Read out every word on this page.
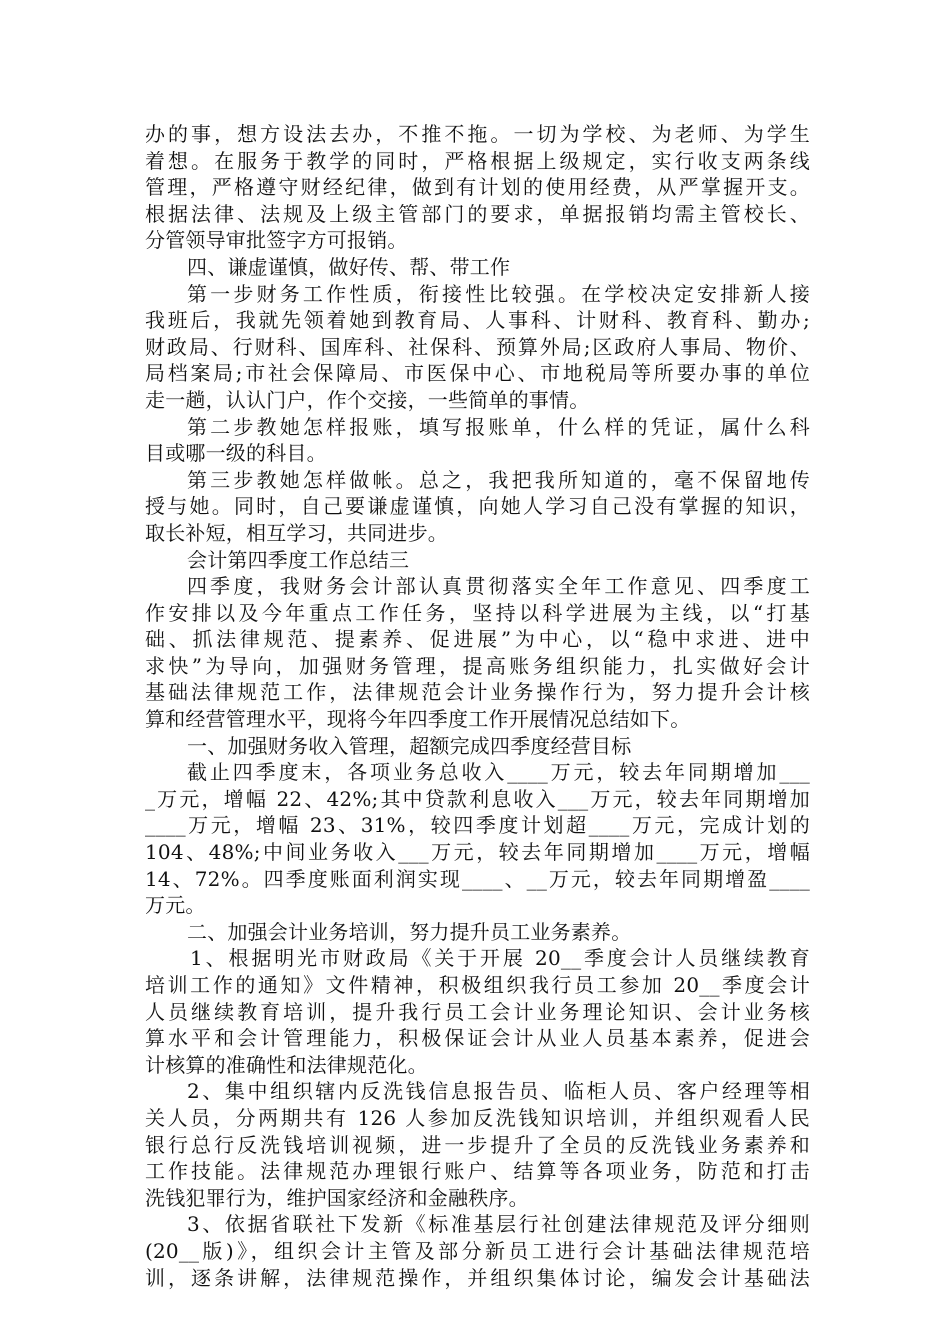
办的事，想方设法去办，不推不拖。一切为学校、为老师、为学生
着想。在服务于教学的同时，严格根据上级规定，实行收支两条线
管理，严格遵守财经纪律，做到有计划的使用经费，从严掌握开支。
根据法律、法规及上级主管部门的要求，单据报销均需主管校长、
分管领导审批签字方可报销。
四、谦虚谨慎，做好传、帮、带工作
第一步财务工作性质，衔接性比较强。在学校决定安排新人接
我班后，我就先领着她到教育局、人事科、计财科、教育科、勤办;
财政局、行财科、国库科、社保科、预算外局;区政府人事局、物价、
局档案局;市社会保障局、市医保中心、市地税局等所要办事的单位
走一趟，认认门户，作个交接，一些简单的事情。
第二步教她怎样报账，填写报账单，什么样的凭证，属什么科
目或哪一级的科目。
第三步教她怎样做帐。总之，我把我所知道的，毫不保留地传
授与她。同时，自己要谦虚谨慎，向她人学习自己没有掌握的知识，
取长补短，相互学习，共同进步。
会计第四季度工作总结三
四季度，我财务会计部认真贯彻落实全年工作意见、四季度工
作安排以及今年重点工作任务，坚持以科学进展为主线，以“打基
础、抓法律规范、提素养、促进展”为中心，以“稳中求进、进中
求快”为导向，加强财务管理，提高账务组织能力，扎实做好会计
基础法律规范工作，法律规范会计业务操作行为，努力提升会计核
算和经营管理水平，现将今年四季度工作开展情况总结如下。
一、加强财务收入管理，超额完成四季度经营目标
截止四季度末，各项业务总收入____万元，较去年同期增加___
_万元，增幅 22、42%;其中贷款利息收入___万元，较去年同期增加
____万元，增幅 23、31%，较四季度计划超____万元，完成计划的
104、48%;中间业务收入___万元，较去年同期增加____万元，增幅
14、72%。四季度账面利润实现____、__万元，较去年同期增盈____
万元。
二、加强会计业务培训，努力提升员工业务素养。
1、根据明光市财政局《关于开展 20__季度会计人员继续教育
培训工作的通知》文件精神，积极组织我行员工参加 20__季度会计
人员继续教育培训，提升我行员工会计业务理论知识、会计业务核
算水平和会计管理能力，积极保证会计从业人员基本素养，促进会
计核算的准确性和法律规范化。
2、集中组织辖内反洗钱信息报告员、临柜人员、客户经理等相
关人员，分两期共有 126 人参加反洗钱知识培训，并组织观看人民
银行总行反洗钱培训视频，进一步提升了全员的反洗钱业务素养和
工作技能。法律规范办理银行账户、结算等各项业务，防范和打击
洗钱犯罪行为，维护国家经济和金融秩序。
3、依据省联社下发新《标准基层行社创建法律规范及评分细则
(20__版)》，组织会计主管及部分新员工进行会计基础法律规范培
训，逐条讲解，法律规范操作，并组织集体讨论，编发会计基础法
